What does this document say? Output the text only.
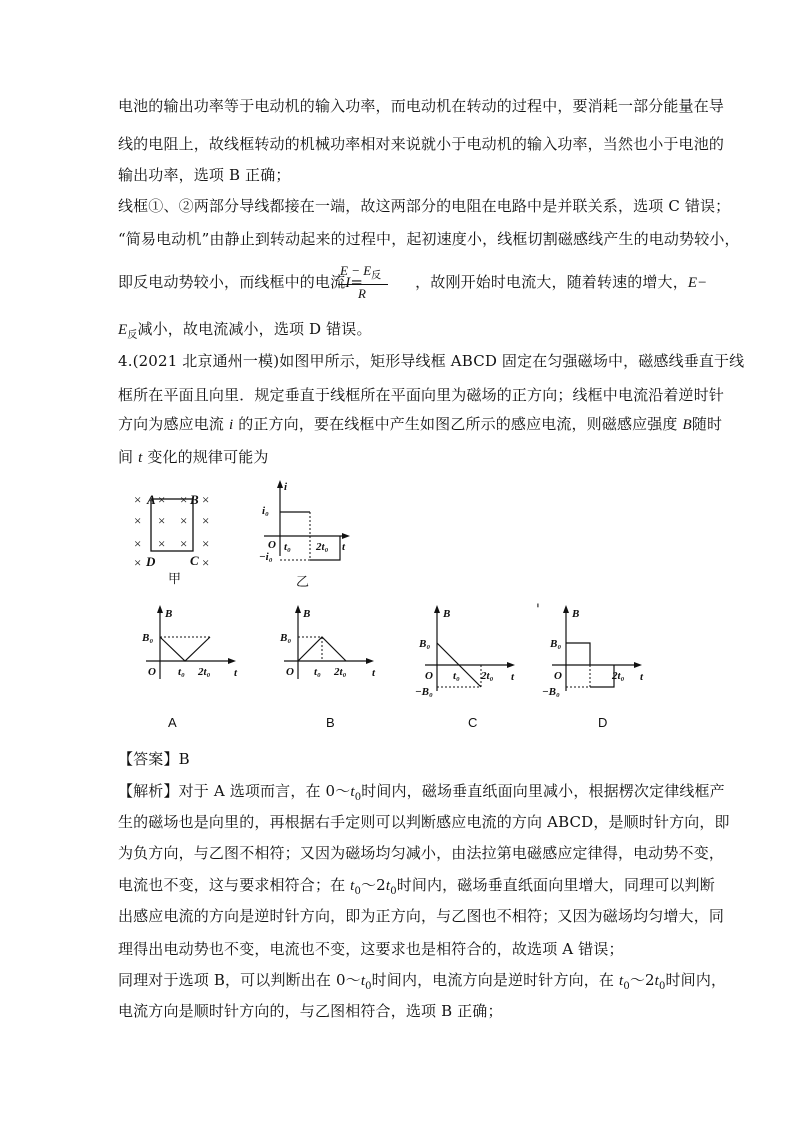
电池的输出功率等于电动机的输入功率，而电动机在转动的过程中，要消耗一部分能量在导
线的电阻上，故线框转动的机械功率相对来说就小于电动机的输入功率，当然也小于电池的
输出功率，选项 B 正确；
线框①、②两部分导线都接在一端，故这两部分的电阻在电路中是并联关系，选项 C 错误；
“简易电动机”由静止到转动起来的过程中，起初速度小，线框切割磁感线产生的电动势较小，
即反电动势较小，而线框中的电流I=	，故刚开始时电流大，随着转速的增大，E−
$E - E_反$
R
$E_反$减小，故电流减小，选项 D 错误。
4.(2021 北京通州一模)如图甲所示，矩形导线框 ABCD 固定在匀强磁场中，磁感线垂直于线
框所在平面且向里．规定垂直于线框所在平面向里为磁场的正方向；线框中电流沿着逆时针
方向为感应电流 i 的正方向，要在线框中产生如图乙所示的感应电流，则磁感应强度 B随时
间 t 变化的规律可能为
× × × ×
× × × ×
× × × ×
×	×
A	B
D	C
甲
i
t
O
i₀
−i₀
t₀ 2t₀
乙
B
t
O
B₀
t₀ 2t₀
A
B
t
O
B₀
t₀ 2t₀
B
B
t
O
B₀
−B₀
t₀ 2t₀
C
'	B
t
O
B₀
−B₀
2t₀
D
【答案】B
【解析】对于 A 选项而言，在 $0\sim t_0$时间内，磁场垂直纸面向里减小，根据楞次定律线框产
生的磁场也是向里的，再根据右手定则可以判断感应电流的方向 ABCD，是顺时针方向，即
为负方向，与乙图不相符；又因为磁场均匀减小，由法拉第电磁感应定律得，电动势不变，
电流也不变，这与要求相符合；在 $t_0\sim 2t_0$时间内，磁场垂直纸面向里增大，同理可以判断
出感应电流的方向是逆时针方向，即为正方向，与乙图也不相符；又因为磁场均匀增大，同
理得出电动势也不变，电流也不变，这要求也是相符合的，故选项 A 错误；
同理对于选项 B，可以判断出在 $0\sim t_0$时间内，电流方向是逆时针方向，在 $t_0\sim 2t_0$时间内，
电流方向是顺时针方向的，与乙图相符合，选项 B 正确；
